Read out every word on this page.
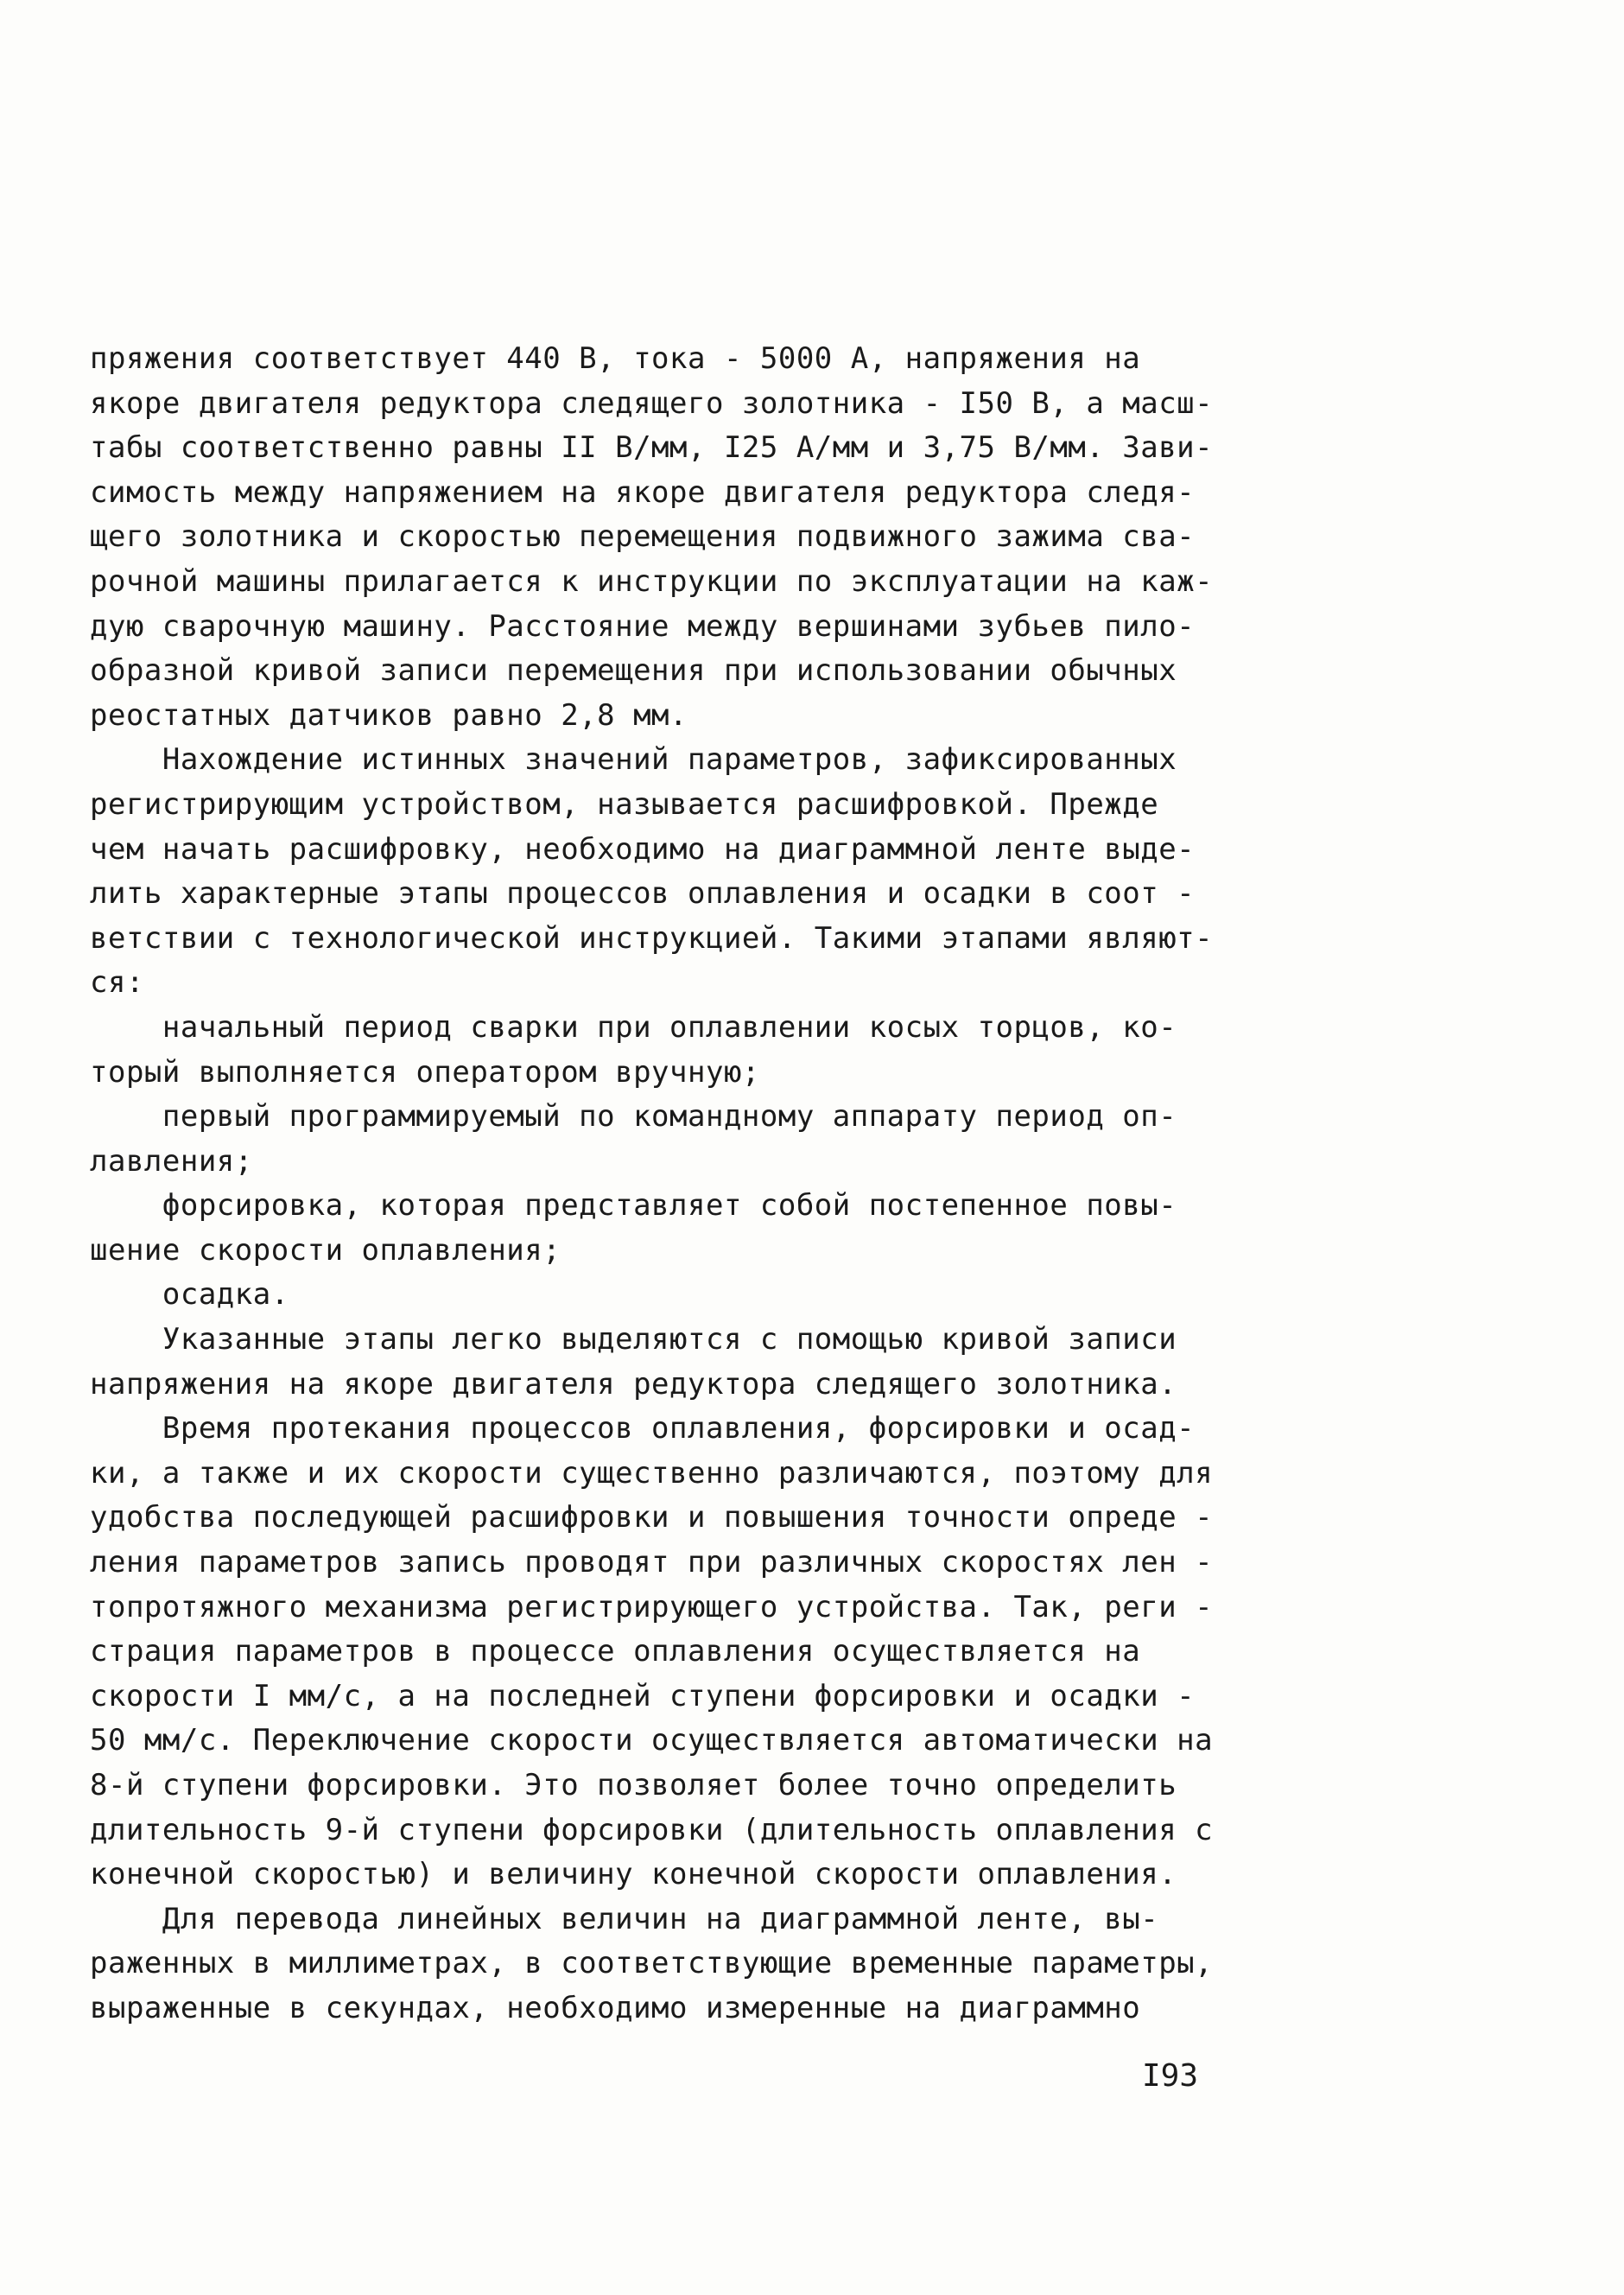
пряжения соответствует 440 В, тока - 5000 А, напряжения на
якоре двигателя редуктора следящего золотника - I50 В, а масш-
табы соответственно равны II В/мм, I25 А/мм и 3,75 В/мм. Зави-
симость между напряжением на якоре двигателя редуктора следя-
щего золотника и скоростью перемещения подвижного зажима сва-
рочной машины прилагается к инструкции по эксплуатации на каж-
дую сварочную машину. Расстояние между вершинами зубьев пило-
образной кривой записи перемещения при использовании обычных
реостатных датчиков равно 2,8 мм.
Нахождение истинных значений параметров, зафиксированных
регистрирующим устройством, называется расшифровкой. Прежде
чем начать расшифровку, необходимо на диаграммной ленте выде-
лить характерные этапы процессов оплавления и осадки в соот -
ветствии с технологической инструкцией. Такими этапами являют-
ся:
начальный период сварки при оплавлении косых торцов, ко-
торый выполняется оператором вручную;
первый программируемый по командному аппарату период оп-
лавления;
форсировка, которая представляет собой постепенное повы-
шение скорости оплавления;
осадка.
Указанные этапы легко выделяются с помощью кривой записи
напряжения на якоре двигателя редуктора следящего золотника.
Время протекания процессов оплавления, форсировки и осад-
ки, а также и их скорости существенно различаются, поэтому для
удобства последующей расшифровки и повышения точности опреде -
ления параметров запись проводят при различных скоростях лен -
топротяжного механизма регистрирующего устройства. Так, реги -
страция параметров в процессе оплавления осуществляется на
скорости I мм/с, а на последней ступени форсировки и осадки -
50 мм/с. Переключение скорости осуществляется автоматически на
8-й ступени форсировки. Это позволяет более точно определить
длительность 9-й ступени форсировки (длительность оплавления с
конечной скоростью) и величину конечной скорости оплавления.
Для перевода линейных величин на диаграммной ленте, вы-
раженных в миллиметрах, в соответствующие временные параметры,
выраженные в секундах, необходимо измеренные на диаграммно
I93
